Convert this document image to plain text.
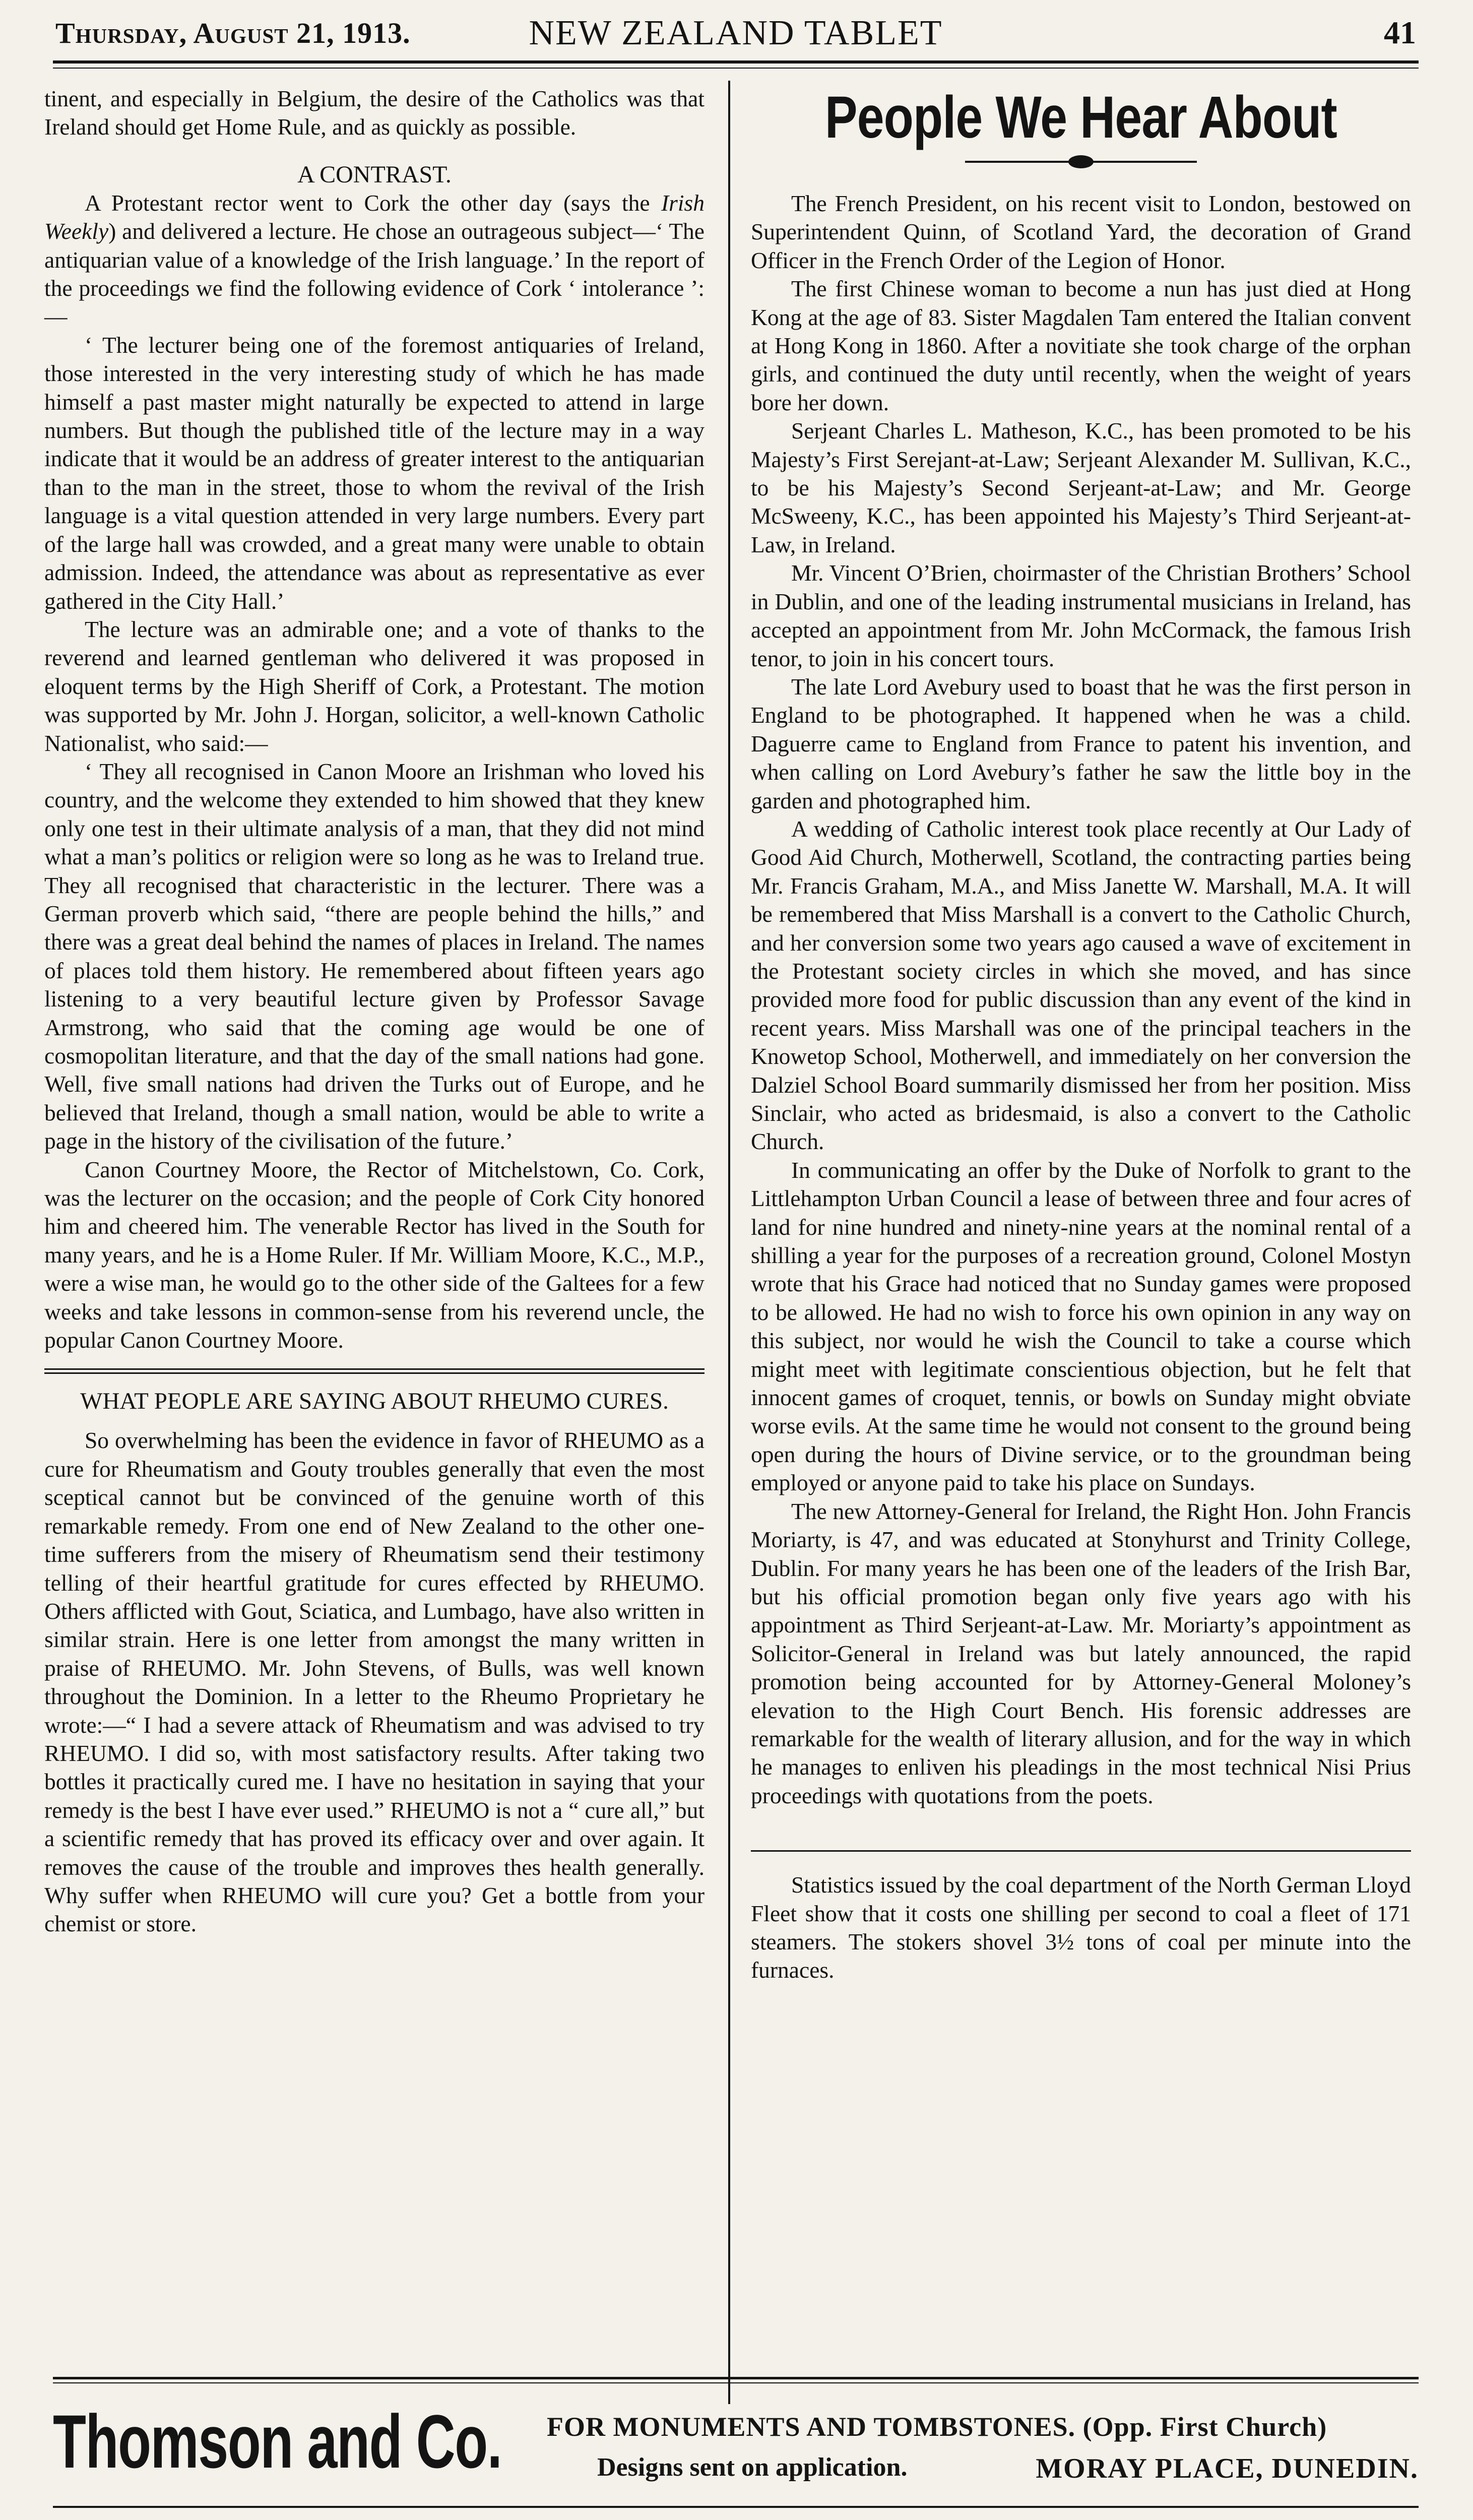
Thursday, August 21, 1913.	NEW ZEALAND TABLET	41

tinent, and especially in Belgium, the desire of the Catholics was that Ireland should get Home Rule, and as quickly as possible.

A CONTRAST.

A Protestant rector went to Cork the other day (says the Irish Weekly) and delivered a lecture. He chose an outrageous subject—‘ The antiquarian value of a knowledge of the Irish language.’ In the report of the proceedings we find the following evidence of Cork ‘ intolerance ’:—

‘ The lecturer being one of the foremost antiquaries of Ireland, those interested in the very interesting study of which he has made himself a past master might naturally be expected to attend in large numbers. But though the published title of the lecture may in a way indicate that it would be an address of greater interest to the antiquarian than to the man in the street, those to whom the revival of the Irish language is a vital question attended in very large numbers. Every part of the large hall was crowded, and a great many were unable to obtain admission. Indeed, the attendance was about as representative as ever gathered in the City Hall.’

The lecture was an admirable one; and a vote of thanks to the reverend and learned gentleman who delivered it was proposed in eloquent terms by the High Sheriff of Cork, a Protestant. The motion was supported by Mr. John J. Horgan, solicitor, a well-known Catholic Nationalist, who said:—

‘ They all recognised in Canon Moore an Irishman who loved his country, and the welcome they extended to him showed that they knew only one test in their ultimate analysis of a man, that they did not mind what a man’s politics or religion were so long as he was to Ireland true. They all recognised that characteristic in the lecturer. There was a German proverb which said, “there are people behind the hills,” and there was a great deal behind the names of places in Ireland. The names of places told them history. He remembered about fifteen years ago listening to a very beautiful lecture given by Professor Savage Armstrong, who said that the coming age would be one of cosmopolitan literature, and that the day of the small nations had gone. Well, five small nations had driven the Turks out of Europe, and he believed that Ireland, though a small nation, would be able to write a page in the history of the civilisation of the future.’

Canon Courtney Moore, the Rector of Mitchelstown, Co. Cork, was the lecturer on the occasion; and the people of Cork City honored him and cheered him. The venerable Rector has lived in the South for many years, and he is a Home Ruler. If Mr. William Moore, K.C., M.P., were a wise man, he would go to the other side of the Galtees for a few weeks and take lessons in common-sense from his reverend uncle, the popular Canon Courtney Moore.

WHAT PEOPLE ARE SAYING ABOUT RHEUMO CURES.

So overwhelming has been the evidence in favor of RHEUMO as a cure for Rheumatism and Gouty troubles generally that even the most sceptical cannot but be convinced of the genuine worth of this remarkable remedy. From one end of New Zealand to the other one-time sufferers from the misery of Rheumatism send their testimony telling of their heartful gratitude for cures effected by RHEUMO. Others afflicted with Gout, Sciatica, and Lumbago, have also written in similar strain. Here is one letter from amongst the many written in praise of RHEUMO. Mr. John Stevens, of Bulls, was well known throughout the Dominion. In a letter to the Rheumo Proprietary he wrote:—“ I had a severe attack of Rheumatism and was advised to try RHEUMO. I did so, with most satisfactory results. After taking two bottles it practically cured me. I have no hesitation in saying that your remedy is the best I have ever used.” RHEUMO is not a “ cure all,” but a scientific remedy that has proved its efficacy over and over again. It removes the cause of the trouble and improves thes health generally. Why suffer when RHEUMO will cure you? Get a bottle from your chemist or store.

People We Hear About

The French President, on his recent visit to London, bestowed on Superintendent Quinn, of Scotland Yard, the decoration of Grand Officer in the French Order of the Legion of Honor.

The first Chinese woman to become a nun has just died at Hong Kong at the age of 83. Sister Magdalen Tam entered the Italian convent at Hong Kong in 1860. After a novitiate she took charge of the orphan girls, and continued the duty until recently, when the weight of years bore her down.

Serjeant Charles L. Matheson, K.C., has been promoted to be his Majesty’s First Serejant-at-Law; Serjeant Alexander M. Sullivan, K.C., to be his Majesty’s Second Serjeant-at-Law; and Mr. George McSweeny, K.C., has been appointed his Majesty’s Third Serjeant-at-Law, in Ireland.

Mr. Vincent O’Brien, choirmaster of the Christian Brothers’ School in Dublin, and one of the leading instrumental musicians in Ireland, has accepted an appointment from Mr. John McCormack, the famous Irish tenor, to join in his concert tours.

The late Lord Avebury used to boast that he was the first person in England to be photographed. It happened when he was a child. Daguerre came to England from France to patent his invention, and when calling on Lord Avebury’s father he saw the little boy in the garden and photographed him.

A wedding of Catholic interest took place recently at Our Lady of Good Aid Church, Motherwell, Scotland, the contracting parties being Mr. Francis Graham, M.A., and Miss Janette W. Marshall, M.A. It will be remembered that Miss Marshall is a convert to the Catholic Church, and her conversion some two years ago caused a wave of excitement in the Protestant society circles in which she moved, and has since provided more food for public discussion than any event of the kind in recent years. Miss Marshall was one of the principal teachers in the Knowetop School, Motherwell, and immediately on her conversion the Dalziel School Board summarily dismissed her from her position. Miss Sinclair, who acted as bridesmaid, is also a convert to the Catholic Church.

In communicating an offer by the Duke of Norfolk to grant to the Littlehampton Urban Council a lease of between three and four acres of land for nine hundred and ninety-nine years at the nominal rental of a shilling a year for the purposes of a recreation ground, Colonel Mostyn wrote that his Grace had noticed that no Sunday games were proposed to be allowed. He had no wish to force his own opinion in any way on this subject, nor would he wish the Council to take a course which might meet with legitimate conscientious objection, but he felt that innocent games of croquet, tennis, or bowls on Sunday might obviate worse evils. At the same time he would not consent to the ground being open during the hours of Divine service, or to the groundman being employed or anyone paid to take his place on Sundays.

The new Attorney-General for Ireland, the Right Hon. John Francis Moriarty, is 47, and was educated at Stonyhurst and Trinity College, Dublin. For many years he has been one of the leaders of the Irish Bar, but his official promotion began only five years ago with his appointment as Third Serjeant-at-Law. Mr. Moriarty’s appointment as Solicitor-General in Ireland was but lately announced, the rapid promotion being accounted for by Attorney-General Moloney’s elevation to the High Court Bench. His forensic addresses are remarkable for the wealth of literary allusion, and for the way in which he manages to enliven his pleadings in the most technical Nisi Prius proceedings with quotations from the poets.

Statistics issued by the coal department of the North German Lloyd Fleet show that it costs one shilling per second to coal a fleet of 171 steamers. The stokers shovel 3½ tons of coal per minute into the furnaces.

Thomson and Co. FOR MONUMENTS AND TOMBSTONES. (Opp. First Church)
Designs sent on application.	MORAY PLACE, DUNEDIN.
